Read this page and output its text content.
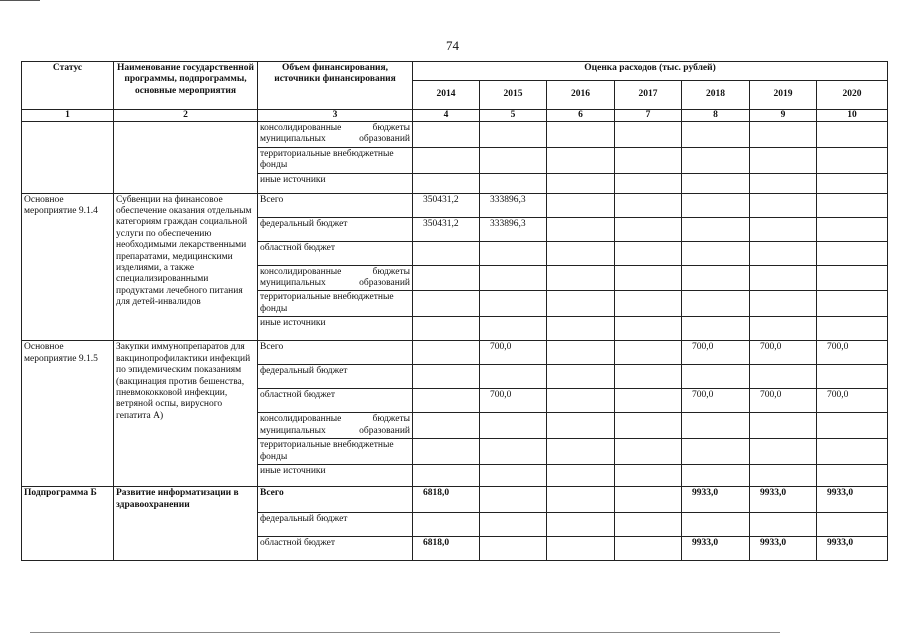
74
Статус	Наименование государственной программы, подпрограммы, основные мероприятия	Объем финансирования, источники финансирования	Оценка расходов (тыс. рублей)						
			2014	2015	2016	2017	2018	2019	2020
1	2	3	4	5	6	7	8	9	10
		консолидированные бюджеты муниципальных образований							
		территориальные внебюджетные фонды							
		иные источники							
Основное мероприятие 9.1.4	Субвенции на финансовое обеспечение оказания отдельным категориям граждан социальной услуги по обеспечению необходимыми лекарственными препаратами, медицинскими изделиями, а также специализированными продуктами лечебного питания для детей-инвалидов	Всего	350431,2	333896,3					
		федеральный бюджет	350431,2	333896,3					
		областной бюджет							
		консолидированные бюджеты муниципальных образований							
		территориальные внебюджетные фонды							
		иные источники							
Основное мероприятие 9.1.5	Закупки иммунопрепаратов для вакцинопрофилактики инфекций по эпидемическим показаниям (вакцинация против бешенства, пневмококковой инфекции, ветряной оспы, вирусного гепатита А)	Всего		700,0			700,0	700,0	700,0
		федеральный бюджет							
		областной бюджет		700,0			700,0	700,0	700,0
		консолидированные бюджеты муниципальных образований							
		территориальные внебюджетные фонды							
		иные источники							
Подпрограмма Б	Развитие информатизации в здравоохранении	Всего	6818,0				9933,0	9933,0	9933,0
		федеральный бюджет							
		областной бюджет	6818,0				9933,0	9933,0	9933,0
